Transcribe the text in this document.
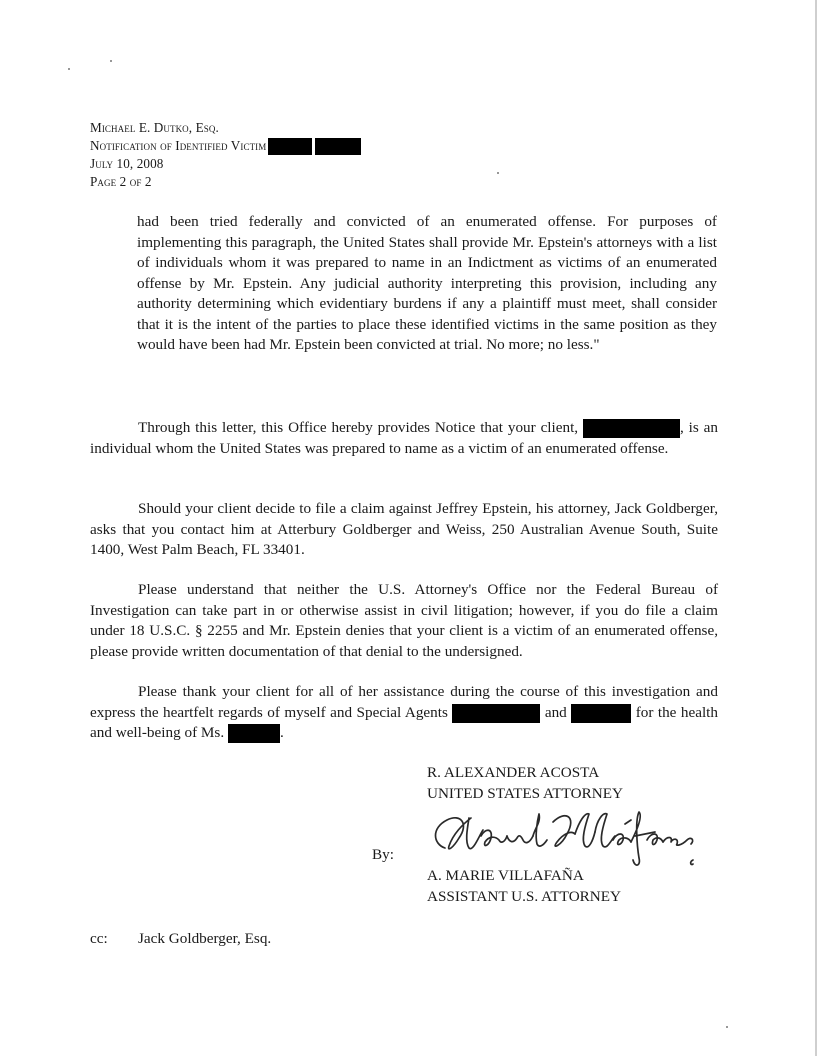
Michael E. Dutko, Esq.
Notification of Identified Victim
July 10, 2008
Page 2 of 2

had been tried federally and convicted of an enumerated offense. For purposes of implementing this paragraph, the United States shall provide Mr. Epstein's attorneys with a list of individuals whom it was prepared to name in an Indictment as victims of an enumerated offense by Mr. Epstein. Any judicial authority interpreting this provision, including any authority determining which evidentiary burdens if any a plaintiff must meet, shall consider that it is the intent of the parties to place these identified victims in the same position as they would have been had Mr. Epstein been convicted at trial. No more; no less."

Through this letter, this Office hereby provides Notice that your client,	, is an individual whom the United States was prepared to name as a victim of an enumerated offense.

Should your client decide to file a claim against Jeffrey Epstein, his attorney, Jack Goldberger, asks that you contact him at Atterbury Goldberger and Weiss, 250 Australian Avenue South, Suite 1400, West Palm Beach, FL 33401.

Please understand that neither the U.S. Attorney's Office nor the Federal Bureau of Investigation can take part in or otherwise assist in civil litigation; however, if you do file a claim under 18 U.S.C. § 2255 and Mr. Epstein denies that your client is a victim of an enumerated offense, please provide written documentation of that denial to the undersigned.

Please thank your client for all of her assistance during the course of this investigation and express the heartfelt regards of myself and Special Agents	and	for the health and well-being of Ms.	.

R. ALEXANDER ACOSTA
UNITED STATES ATTORNEY
By:
A. MARIE VILLAFAÑA
ASSISTANT U.S. ATTORNEY
cc: Jack Goldberger, Esq.
